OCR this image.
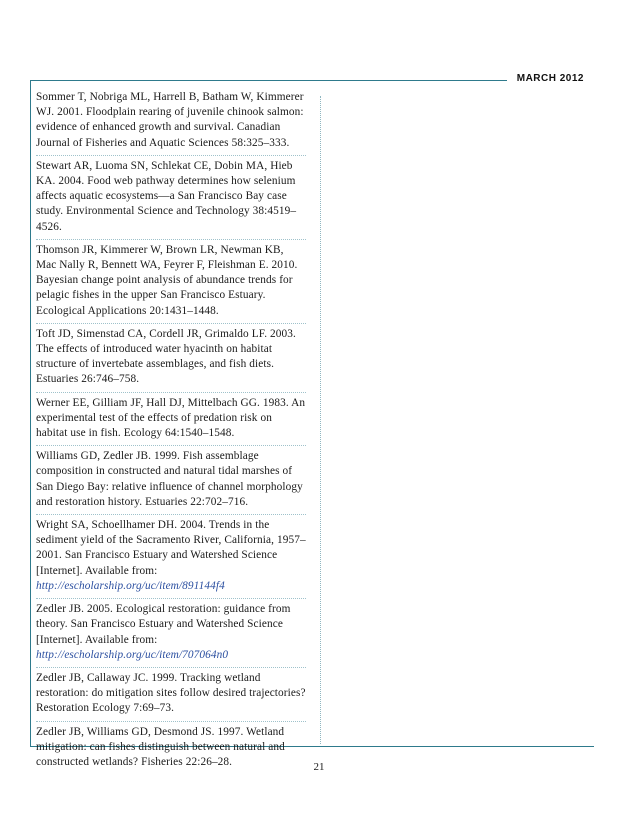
MARCH 2012
Sommer T, Nobriga ML, Harrell B, Batham W, Kimmerer WJ. 2001. Floodplain rearing of juvenile chinook salmon: evidence of enhanced growth and survival. Canadian Journal of Fisheries and Aquatic Sciences 58:325–333.
Stewart AR, Luoma SN, Schlekat CE, Dobin MA, Hieb KA. 2004. Food web pathway determines how selenium affects aquatic ecosystems—a San Francisco Bay case study. Environmental Science and Technology 38:4519–4526.
Thomson JR, Kimmerer W, Brown LR, Newman KB, Mac Nally R, Bennett WA, Feyrer F, Fleishman E. 2010. Bayesian change point analysis of abundance trends for pelagic fishes in the upper San Francisco Estuary. Ecological Applications 20:1431–1448.
Toft JD, Simenstad CA, Cordell JR, Grimaldo LF. 2003. The effects of introduced water hyacinth on habitat structure of invertebate assemblages, and fish diets. Estuaries 26:746–758.
Werner EE, Gilliam JF, Hall DJ, Mittelbach GG. 1983. An experimental test of the effects of predation risk on habitat use in fish. Ecology 64:1540–1548.
Williams GD, Zedler JB. 1999. Fish assemblage composition in constructed and natural tidal marshes of San Diego Bay: relative influence of channel morphology and restoration history. Estuaries 22:702–716.
Wright SA, Schoellhamer DH. 2004. Trends in the sediment yield of the Sacramento River, California, 1957–2001. San Francisco Estuary and Watershed Science [Internet]. Available from:
http://escholarship.org/uc/item/891144f4
Zedler JB. 2005. Ecological restoration: guidance from theory. San Francisco Estuary and Watershed Science [Internet]. Available from:
http://escholarship.org/uc/item/707064n0
Zedler JB, Callaway JC. 1999. Tracking wetland restoration: do mitigation sites follow desired trajectories? Restoration Ecology 7:69–73.
Zedler JB, Williams GD, Desmond JS. 1997. Wetland mitigation: can fishes distinguish between natural and constructed wetlands? Fisheries 22:26–28.	21
